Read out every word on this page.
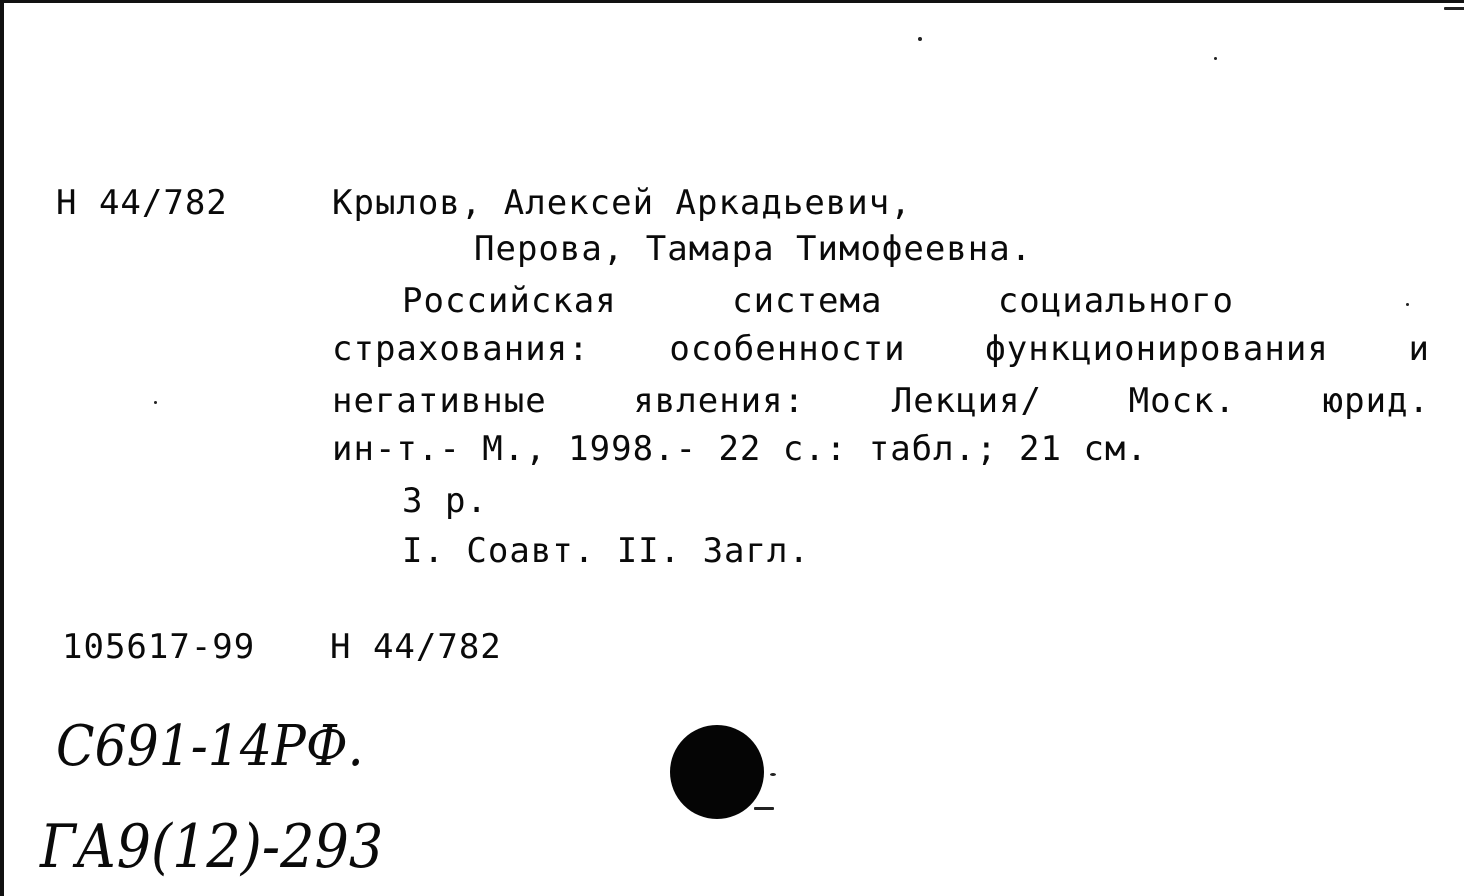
Н 44/782	Крылов, Алексей Аркадьевич,
Перова, Тамара Тимофеевна.
Российская система социального
страхования: особенности функционирования и
негативные явления: Лекция/ Моск. юрид.
ин-т.- М., 1998.- 22 с.: табл.; 21 см.
3 р.
I. Соавт. II. Загл.
105617-99 Н 44/782
С691-14РФ.
ГА9(12)-293
